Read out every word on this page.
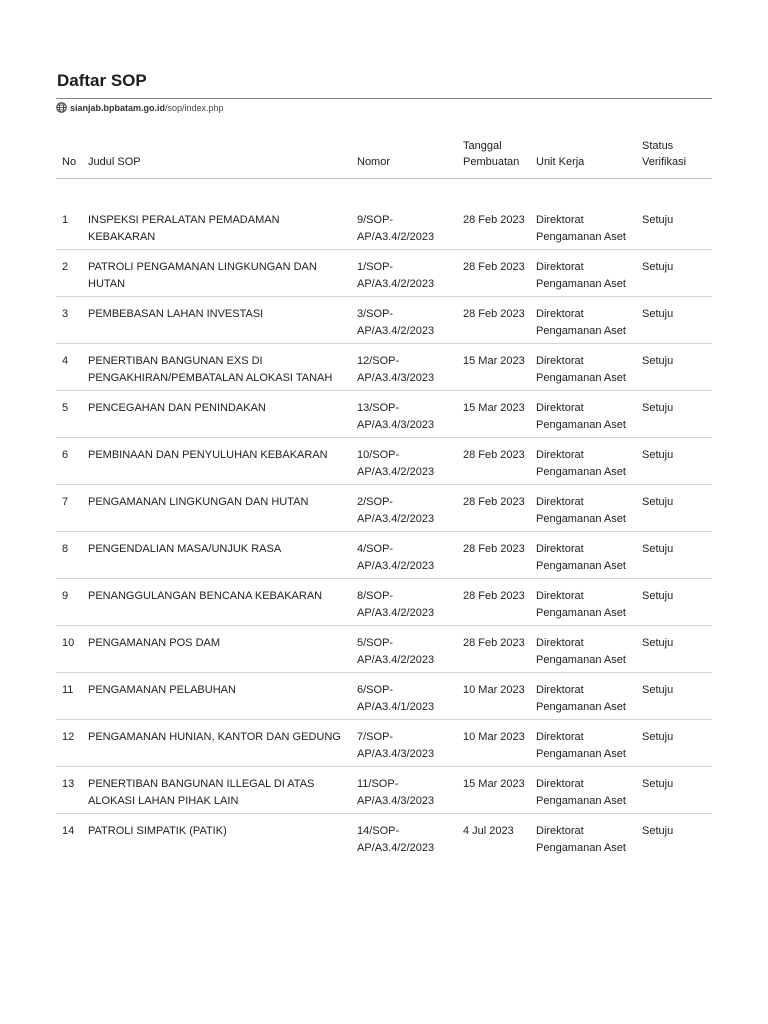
Daftar SOP
sianjab.bpbatam.go.id/sop/index.php
No	Judul SOP	Nomor	Tanggal Pembuatan	Unit Kerja	Status Verifikasi

1	INSPEKSI PERALATAN PEMADAMAN KEBAKARAN	9/SOP-AP/A3.4/2/2023	28 Feb 2023	Direktorat Pengamanan Aset	Setuju
2	PATROLI PENGAMANAN LINGKUNGAN DAN HUTAN	1/SOP-AP/A3.4/2/2023	28 Feb 2023	Direktorat Pengamanan Aset	Setuju
3	PEMBEBASAN LAHAN INVESTASI	3/SOP-AP/A3.4/2/2023	28 Feb 2023	Direktorat Pengamanan Aset	Setuju
4	PENERTIBAN BANGUNAN EXS DI PENGAKHIRAN/PEMBATALAN ALOKASI TANAH	12/SOP-AP/A3.4/3/2023	15 Mar 2023	Direktorat Pengamanan Aset	Setuju
5	PENCEGAHAN DAN PENINDAKAN	13/SOP-AP/A3.4/3/2023	15 Mar 2023	Direktorat Pengamanan Aset	Setuju
6	PEMBINAAN DAN PENYULUHAN KEBAKARAN	10/SOP-AP/A3.4/2/2023	28 Feb 2023	Direktorat Pengamanan Aset	Setuju
7	PENGAMANAN LINGKUNGAN DAN HUTAN	2/SOP-AP/A3.4/2/2023	28 Feb 2023	Direktorat Pengamanan Aset	Setuju
8	PENGENDALIAN MASA/UNJUK RASA	4/SOP-AP/A3.4/2/2023	28 Feb 2023	Direktorat Pengamanan Aset	Setuju
9	PENANGGULANGAN BENCANA KEBAKARAN	8/SOP-AP/A3.4/2/2023	28 Feb 2023	Direktorat Pengamanan Aset	Setuju
10	PENGAMANAN POS DAM	5/SOP-AP/A3.4/2/2023	28 Feb 2023	Direktorat Pengamanan Aset	Setuju
11	PENGAMANAN PELABUHAN	6/SOP-AP/A3.4/1/2023	10 Mar 2023	Direktorat Pengamanan Aset	Setuju
12	PENGAMANAN HUNIAN, KANTOR DAN GEDUNG	7/SOP-AP/A3.4/3/2023	10 Mar 2023	Direktorat Pengamanan Aset	Setuju
13	PENERTIBAN BANGUNAN ILLEGAL DI ATAS ALOKASI LAHAN PIHAK LAIN	11/SOP-AP/A3.4/3/2023	15 Mar 2023	Direktorat Pengamanan Aset	Setuju
14	PATROLI SIMPATIK (PATIK)	14/SOP-AP/A3.4/2/2023	4 Jul 2023	Direktorat Pengamanan Aset	Setuju
